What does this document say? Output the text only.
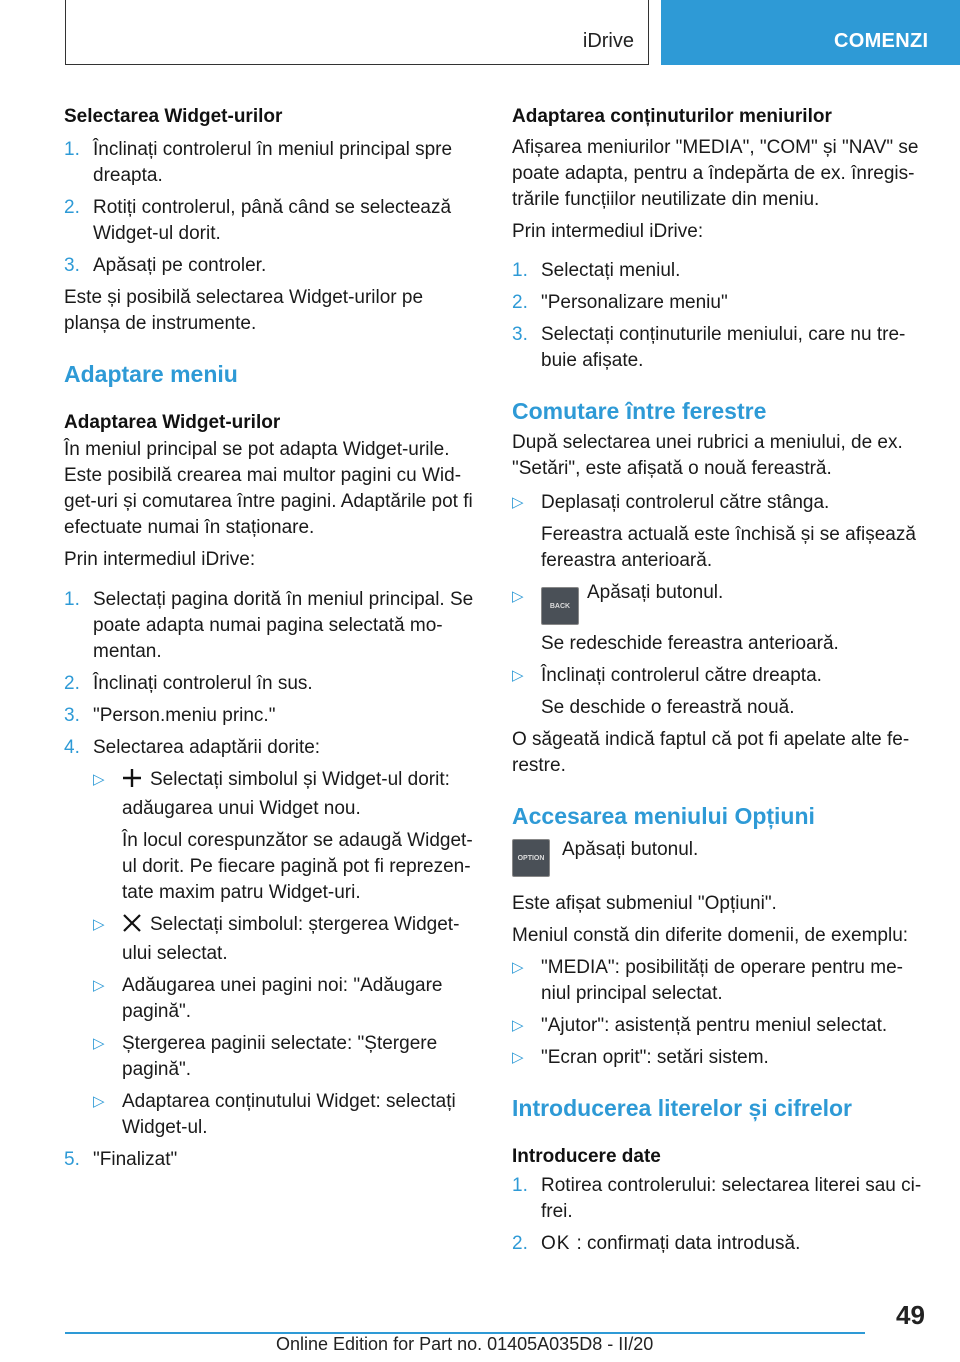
iDrive	COMENZI
Selectarea Widget-urilor
1. Înclinați controlerul în meniul principal spre dreapta.
2. Rotiți controlerul, până când se selectează Widget-ul dorit.
3. Apăsați pe controler.
Este și posibilă selectarea Widget-urilor pe planșa de instrumente.
Adaptare meniu
Adaptarea Widget-urilor
În meniul principal se pot adapta Widget-urile. Este posibilă crearea mai multor pagini cu Wid-get-uri și comutarea între pagini. Adaptările pot fi efectuate numai în staționare.
Prin intermediul iDrive:
1. Selectați pagina dorită în meniul principal. Se poate adapta numai pagina selectată mo-mentan.
2. Înclinați controlerul în sus.
3. "Person.meniu princ."
4. Selectarea adaptării dorite:
▷	Selectați simbolul și Widget-ul dorit: adăugarea unui Widget nou.
În locul corespunzător se adaugă Widget-ul dorit. Pe fiecare pagină pot fi reprezen-tate maxim patru Widget-uri.
▷	Selectați simbolul: ștergerea Widget-ului selectat.
▷ Adăugarea unei pagini noi: "Adăugare pagină".
▷ Ștergerea paginii selectate: "Ștergere pagină".
▷ Adaptarea conținutului Widget: selectați Widget-ul.
5. "Finalizat"
Adaptarea conținuturilor meniurilor
Afișarea meniurilor "MEDIA", "COM" și "NAV" se poate adapta, pentru a îndepărta de ex. înregis-trările funcțiilor neutilizate din meniu.
Prin intermediul iDrive:
1. Selectați meniul.
2. "Personalizare meniu"
3. Selectați conținuturile meniului, care nu tre-buie afișate.
Comutare între ferestre
După selectarea unei rubrici a meniului, de ex. "Setări", este afișată o nouă fereastră.
▷ Deplasați controlerul către stânga.
Fereastra actuală este închisă și se afișează fereastra anterioară.
▷
BACKApăsați butonul.
Se redeschide fereastra anterioară.
▷ Înclinați controlerul către dreapta.
Se deschide o fereastră nouă.
O săgeată indică faptul că pot fi apelate alte fe-restre.
Accesarea meniului Opțiuni
OPTION Apăsați butonul.
Este afișat submeniul "Opțiuni".
Meniul constă din diferite domenii, de exemplu:
▷ "MEDIA": posibilități de operare pentru me-niul principal selectat.
▷ "Ajutor": asistență pentru meniul selectat.
▷ "Ecran oprit": setări sistem.
Introducerea literelor și cifrelor
Introducere date
1. Rotirea controlerului: selectarea literei sau ci-frei.
2. OK : confirmați data introdusă.
49
Online Edition for Part no. 01405A035D8 - II/20
